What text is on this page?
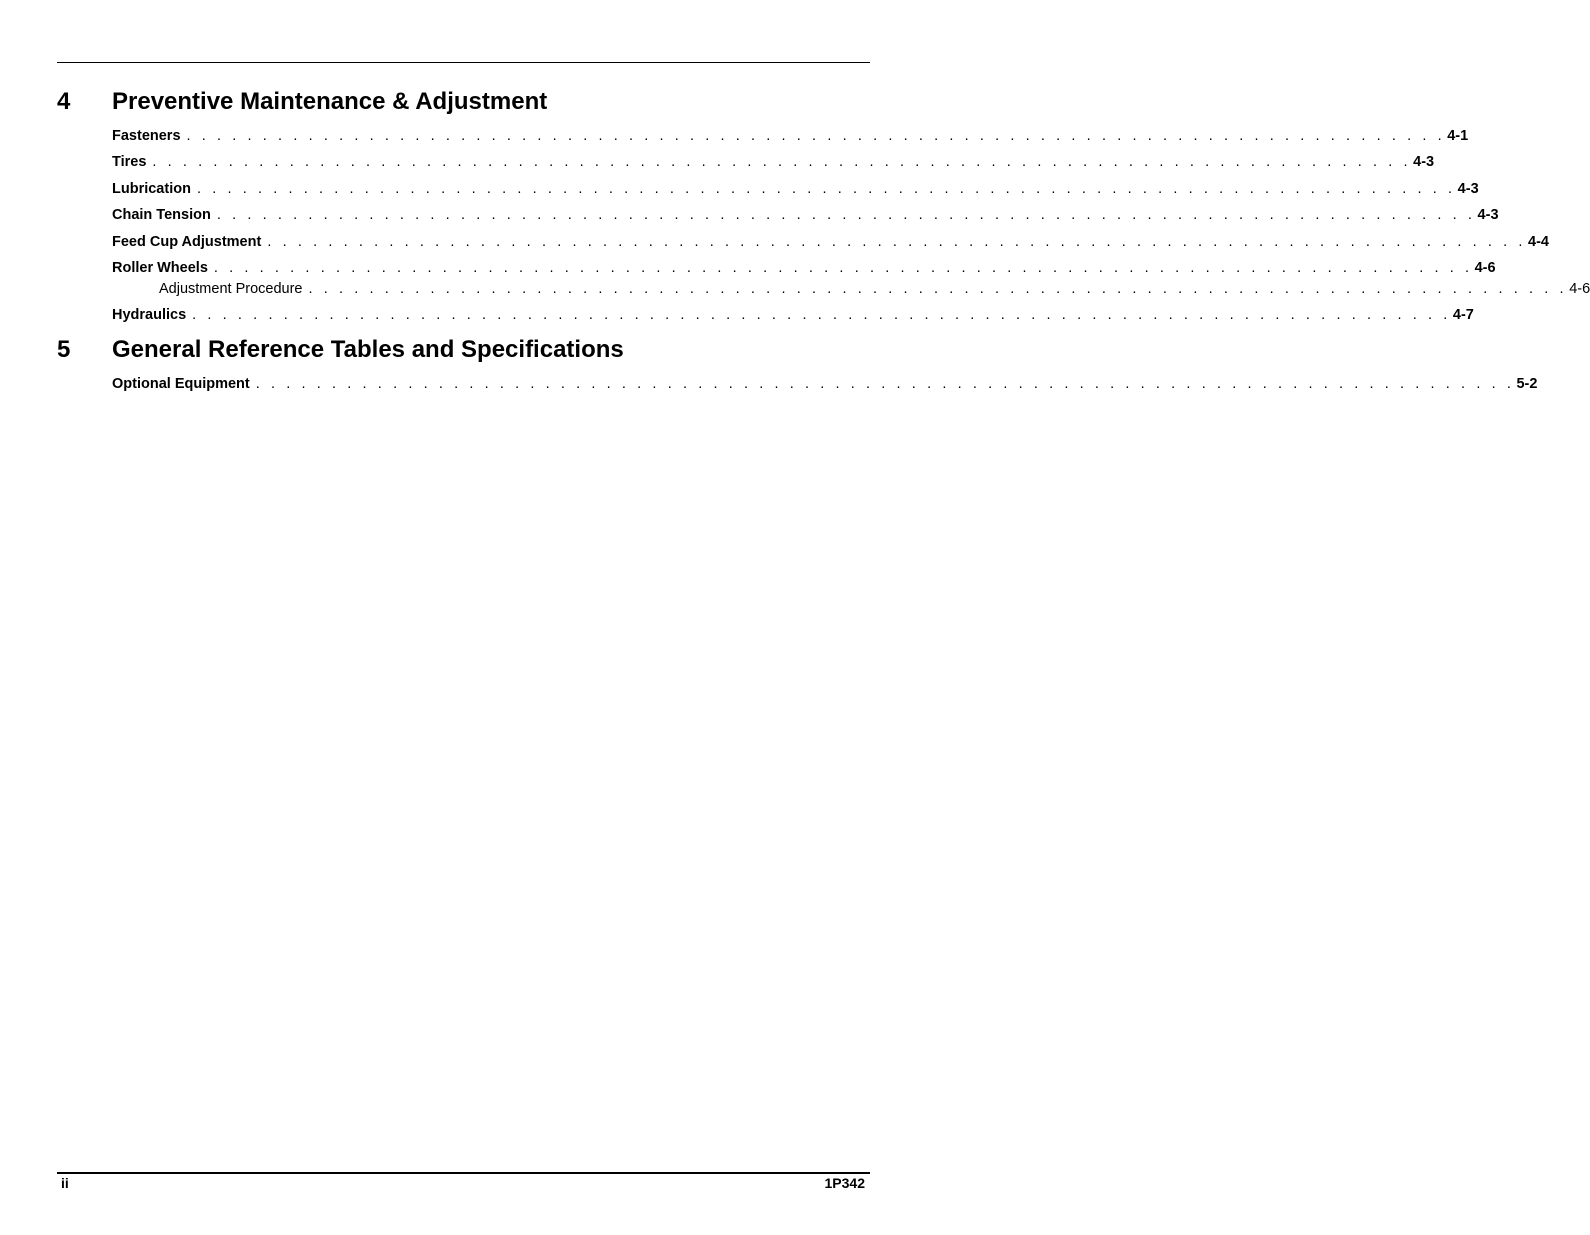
4 Preventive Maintenance & Adjustment
Fasteners . . . . . . . . . . . . . . . . . . . . . . . . . . . . . . . . . . . . . . . . . . . . . . . . . . . . . . . . . . . . . . . . . . . . . . . . . . . . . . . . . . . 4-1
Tires . . . . . . . . . . . . . . . . . . . . . . . . . . . . . . . . . . . . . . . . . . . . . . . . . . . . . . . . . . . . . . . . . . . . . . . . . . . . . . . . . . . 4-3
Lubrication . . . . . . . . . . . . . . . . . . . . . . . . . . . . . . . . . . . . . . . . . . . . . . . . . . . . . . . . . . . . . . . . . . . . . . . . . . . . . . . . . . . 4-3
Chain Tension . . . . . . . . . . . . . . . . . . . . . . . . . . . . . . . . . . . . . . . . . . . . . . . . . . . . . . . . . . . . . . . . . . . . . . . . . . . . . . . . . . . 4-3
Feed Cup Adjustment . . . . . . . . . . . . . . . . . . . . . . . . . . . . . . . . . . . . . . . . . . . . . . . . . . . . . . . . . . . . . . . . . . . . . . . . . . . . . . . . . . . 4-4
Roller Wheels . . . . . . . . . . . . . . . . . . . . . . . . . . . . . . . . . . . . . . . . . . . . . . . . . . . . . . . . . . . . . . . . . . . . . . . . . . . . . . . . . . . 4-6
Adjustment Procedure . . . . . . . . . . . . . . . . . . . . . . . . . . . . . . . . . . . . . . . . . . . . . . . . . . . . . . . . . . . . . . . . . . . . . . . . . . . . . . . . . . . 4-6
Hydraulics . . . . . . . . . . . . . . . . . . . . . . . . . . . . . . . . . . . . . . . . . . . . . . . . . . . . . . . . . . . . . . . . . . . . . . . . . . . . . . . . . . . 4-7
5 General Reference Tables and Specifications
Optional Equipment . . . . . . . . . . . . . . . . . . . . . . . . . . . . . . . . . . . . . . . . . . . . . . . . . . . . . . . . . . . . . . . . . . . . . . . . . . . . . . . . . . . 5-2
ii	1P342
